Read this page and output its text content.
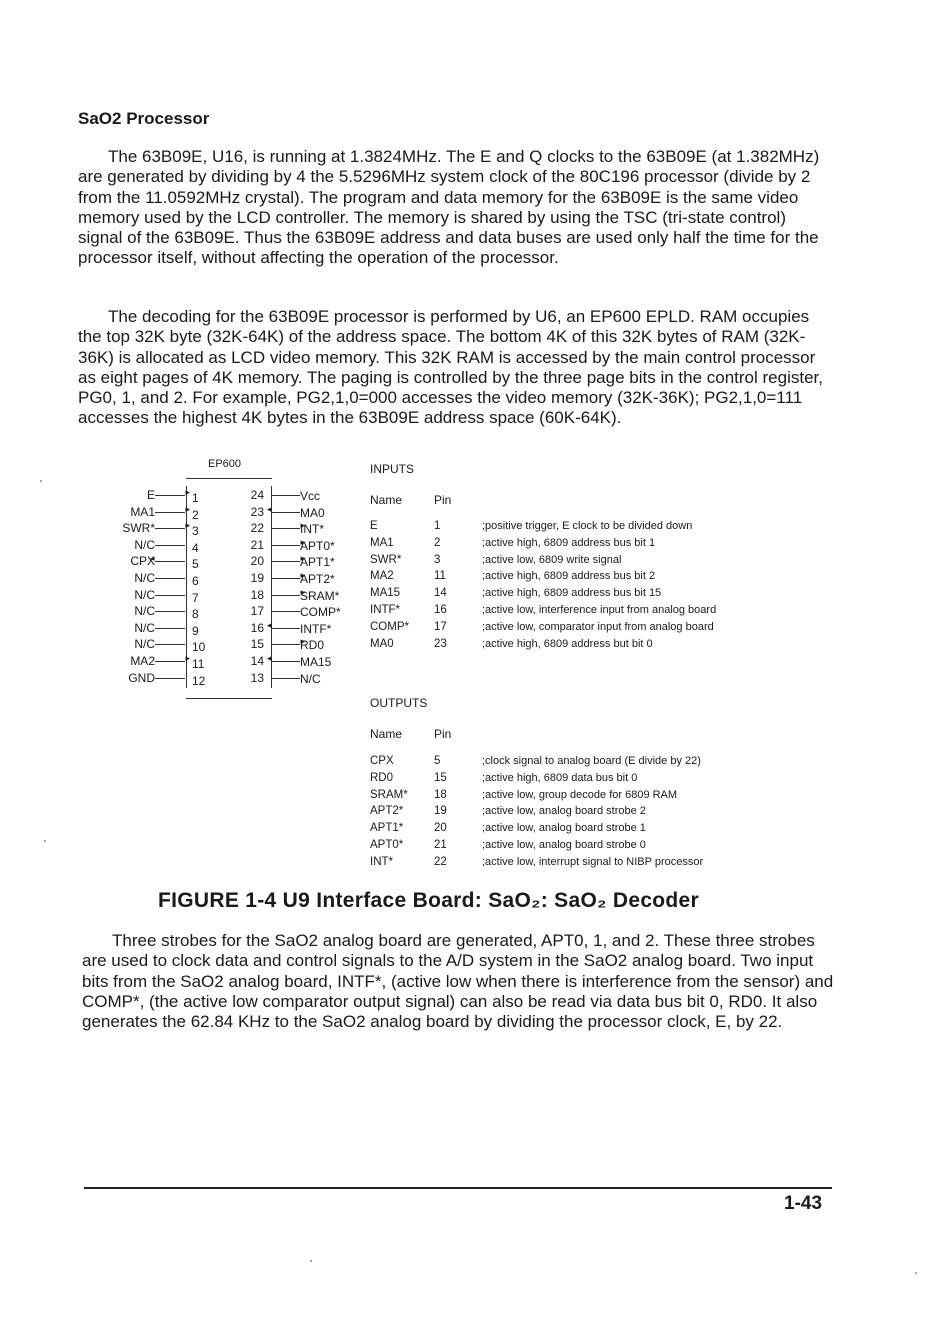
SaO2 Processor

The 63B09E, U16, is running at 1.3824MHz. The E and Q clocks to the 63B09E (at 1.382MHz) are generated by dividing by 4 the 5.5296MHz system clock of the 80C196 processor (divide by 2 from the 11.0592MHz crystal). The program and data memory for the 63B09E is the same video memory used by the LCD controller. The memory is shared by using the TSC (tri-state control) signal of the 63B09E. Thus the 63B09E address and data buses are used only half the time for the processor itself, without affecting the operation of the processor.

The decoding for the 63B09E processor is performed by U6, an EP600 EPLD. RAM occupies the top 32K byte (32K-64K) of the address space. The bottom 4K of this 32K bytes of RAM (32K-36K) is allocated as LCD video memory. This 32K RAM is accessed by the main control processor as eight pages of 4K memory. The paging is controlled by the three page bits in the control register, PG0, 1, and 2. For example, PG2,1,0=000 accesses the video memory (32K-36K); PG2,1,0=111 accesses the highest 4K bytes in the 63B09E address space (60K-64K).

EP600
E ▸	1
MA1 ▸	2
SWR* ▸	3
N/C	4
CPX ◂	5
N/C	6
N/C	7
N/C	8
N/C	9
N/C	10
MA2 ▸	11
GND	12
24	Vcc
23 ◂	MA0
22 ▸	INT*
21 ▸	APT0*
20 ▸	APT1*
19 ▸	APT2*
18 ▸	SRAM*
17	COMP*
16 ◂	INTF*
15 ▸	RD0
14 ◂	MA15
13	N/C
INPUTS
Name	Pin
E	1	;positive trigger, E clock to be divided down
MA1	2	;active high, 6809 address bus bit 1
SWR*	3	;active low, 6809 write signal
MA2	11	;active high, 6809 address bus bit 2
MA15	14	;active high, 6809 address bus bit 15
INTF*	16	;active low, interference input from analog board
COMP*	17	;active low, comparator input from analog board
MA0	23	;active high, 6809 address but bit 0
OUTPUTS
Name	Pin
CPX	5	;clock signal to analog board (E divide by 22)
RD0	15	;active high, 6809 data bus bit 0
SRAM*	18	;active low, group decode for 6809 RAM
APT2*	19	;active low, analog board strobe 2
APT1*	20	;active low, analog board strobe 1
APT0*	21	;active low, analog board strobe 0
INT*	22	;active low, interrupt signal to NIBP processor
FIGURE 1-4 U9 Interface Board: SaO₂: SaO₂ Decoder

Three strobes for the SaO2 analog board are generated, APT0, 1, and 2. These three strobes are used to clock data and control signals to the A/D system in the SaO2 analog board. Two input bits from the SaO2 analog board, INTF*, (active low when there is interference from the sensor) and COMP*, (the active low comparator output signal) can also be read via data bus bit 0, RD0. It also generates the 62.84 KHz to the SaO2 analog board by dividing the processor clock, E, by 22.

1-43
